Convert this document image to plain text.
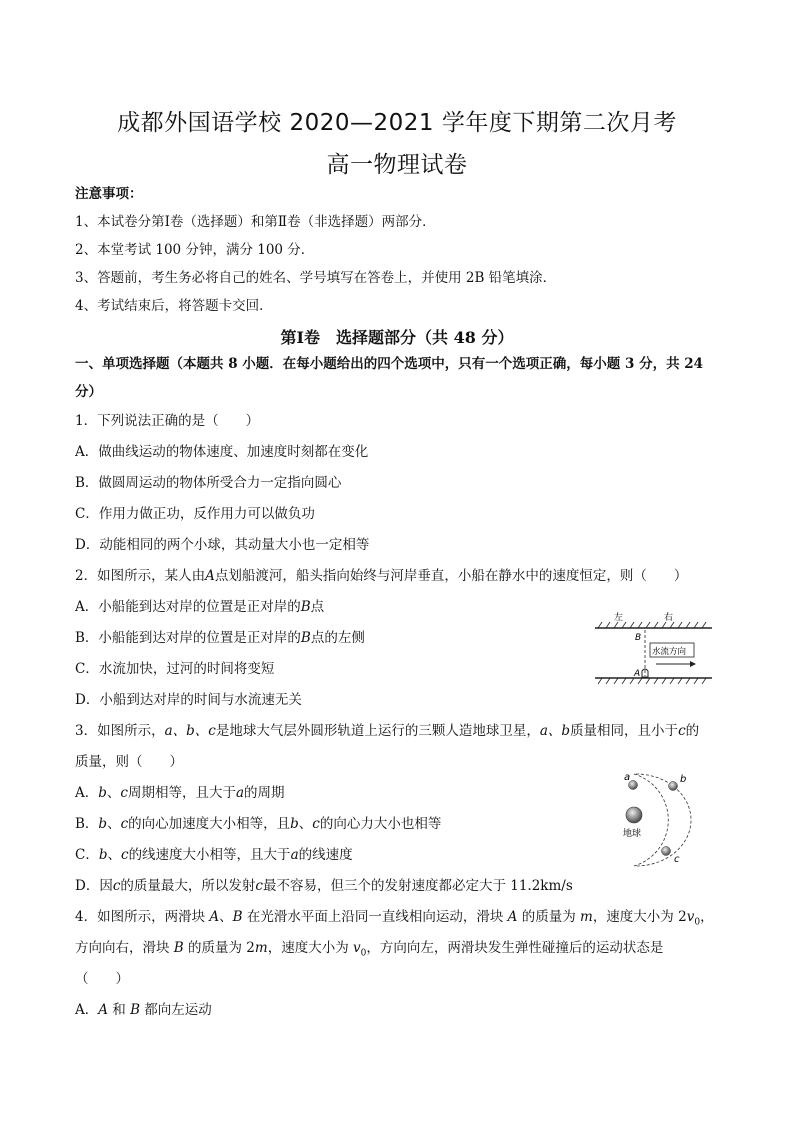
成都外国语学校 2020—2021 学年度下期第二次月考
高一物理试卷
注意事项：
1、本试卷分第Ⅰ卷（选择题）和第Ⅱ卷（非选择题）两部分．
2、本堂考试 100 分钟，满分 100 分．
3、答题前，考生务必将自己的姓名、学号填写在答卷上，并使用 2B 铅笔填涂．
4、考试结束后，将答题卡交回．
第Ⅰ卷　选择题部分（共 48 分）
一、单项选择题（本题共 8 小题．在每小题给出的四个选项中，只有一个选项正确，每小题 3 分，共 24
分）
1．下列说法正确的是（　　）
A．做曲线运动的物体速度、加速度时刻都在变化
B．做圆周运动的物体所受合力一定指向圆心
C．作用力做正功，反作用力可以做负功
D．动能相同的两个小球，其动量大小也一定相等
2．如图所示，某人由A点划船渡河，船头指向始终与河岸垂直，小船在静水中的速度恒定，则（　　）
A．小船能到达对岸的位置是正对岸的B点
B．小船能到达对岸的位置是正对岸的B点的左侧
C．水流加快，过河的时间将变短
D．小船到达对岸的时间与水流速无关
左	右
B
A
水流方向
3．如图所示，a、b、c是地球大气层外圆形轨道上运行的三颗人造地球卫星，a、b质量相同，且小于c的
质量，则（　　）
A．b、c周期相等，且大于a的周期
B．b、c的向心加速度大小相等，且b、c的向心力大小也相等
C．b、c的线速度大小相等，且大于a的线速度
D．因c的质量最大，所以发射c最不容易，但三个的发射速度都必定大于 11.2km/s
地球
a	b
c
4．如图所示，两滑块 A、B 在光滑水平面上沿同一直线相向运动，滑块 A 的质量为 m，速度大小为 $2v_0$，
方向向右，滑块 B 的质量为 2m，速度大小为 $v_0$，方向向左，两滑块发生弹性碰撞后的运动状态是
（　　）
A．A 和 B 都向左运动
